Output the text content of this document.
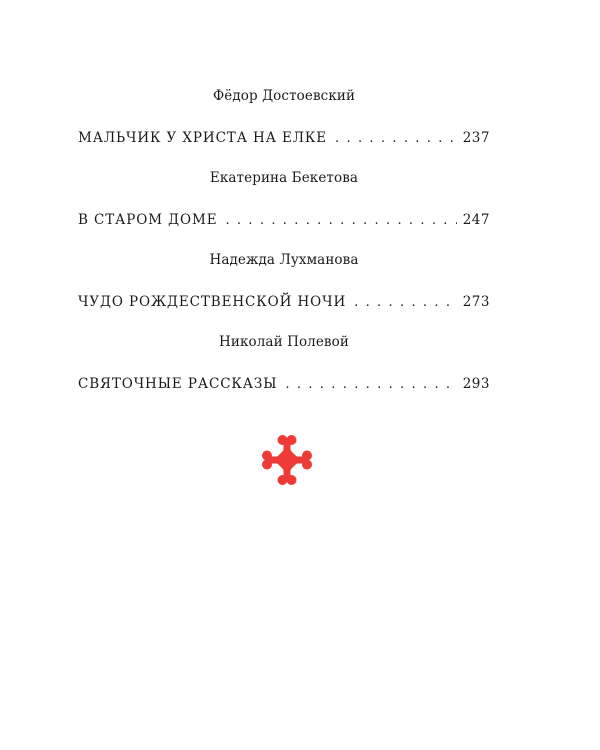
Фёдор Достоевский
МАЛЬЧИК У ХРИСТА НА ЕЛКЕ . . .	237
Екатерина Бекетова
В СТАРОМ ДОМЕ . . .	247
Надежда Лухманова
ЧУДО РОЖДЕСТВЕНСКОЙ НОЧИ . . .	273
Николай Полевой
СВЯТОЧНЫЕ РАССКАЗЫ . . .	293
